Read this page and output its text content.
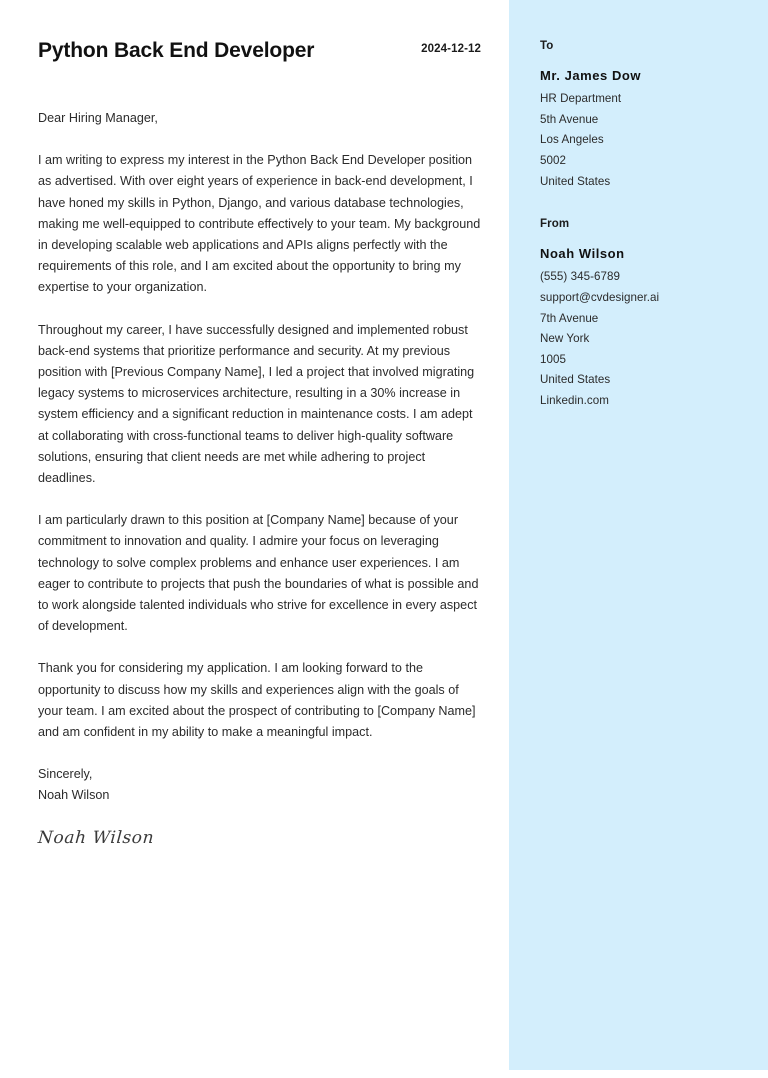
Python Back End Developer	2024-12-12

Dear Hiring Manager,

I am writing to express my interest in the Python Back End Developer position as advertised. With over eight years of experience in back-end development, I have honed my skills in Python, Django, and various database technologies, making me well-equipped to contribute effectively to your team. My background in developing scalable web applications and APIs aligns perfectly with the requirements of this role, and I am excited about the opportunity to bring my expertise to your organization.

Throughout my career, I have successfully designed and implemented robust back-end systems that prioritize performance and security. At my previous position with [Previous Company Name], I led a project that involved migrating legacy systems to microservices architecture, resulting in a 30% increase in system efficiency and a significant reduction in maintenance costs. I am adept at collaborating with cross-functional teams to deliver high-quality software solutions, ensuring that client needs are met while adhering to project deadlines.

I am particularly drawn to this position at [Company Name] because of your commitment to innovation and quality. I admire your focus on leveraging technology to solve complex problems and enhance user experiences. I am eager to contribute to projects that push the boundaries of what is possible and to work alongside talented individuals who strive for excellence in every aspect of development.

Thank you for considering my application. I am looking forward to the opportunity to discuss how my skills and experiences align with the goals of your team. I am excited about the prospect of contributing to [Company Name] and am confident in my ability to make a meaningful impact.

Sincerely,
Noah Wilson
Noah Wilson
To
Mr. James Dow
HR Department
5th Avenue
Los Angeles
5002
United States
From
Noah Wilson
(555) 345-6789
support@cvdesigner.ai
7th Avenue
New York
1005
United States
Linkedin.com
